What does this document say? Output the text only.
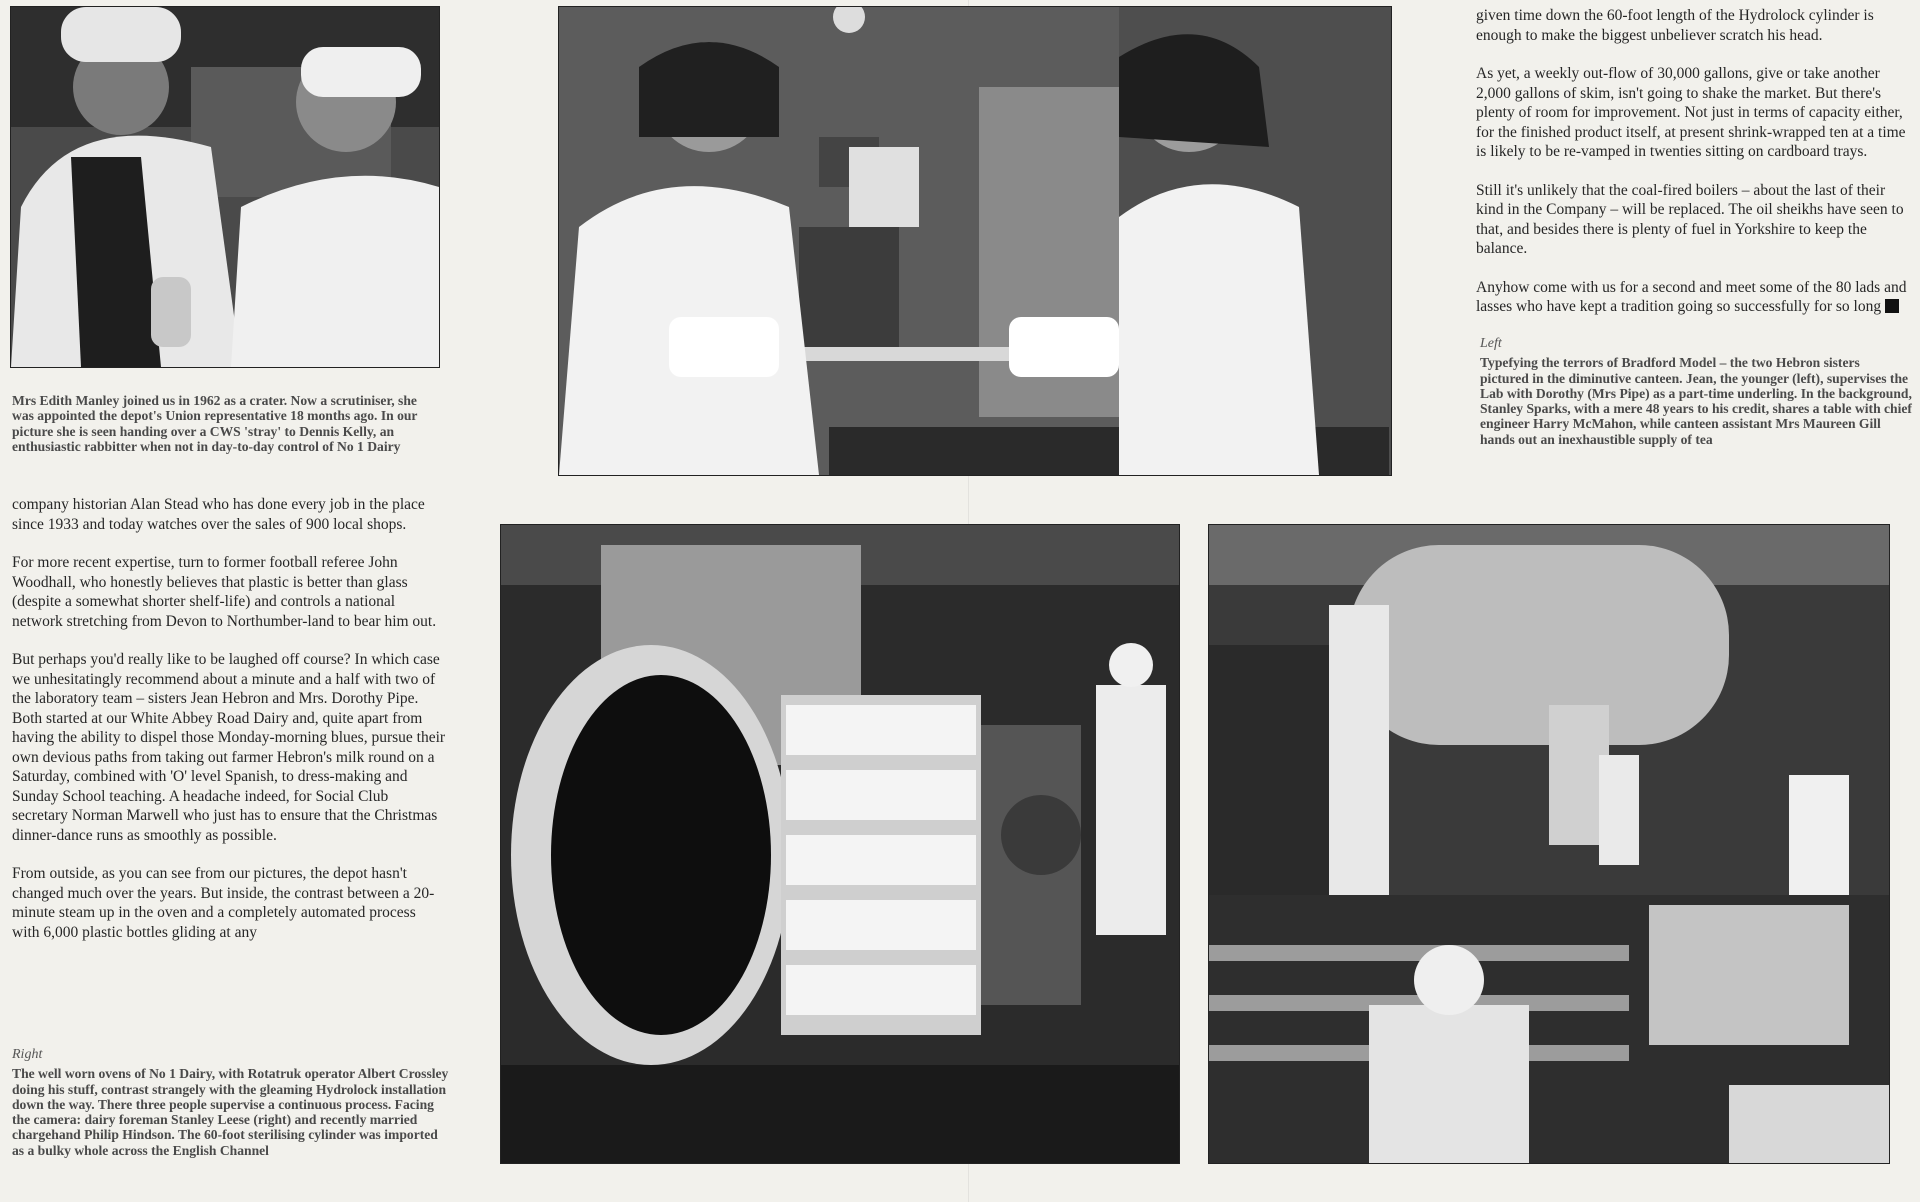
Mrs Edith Manley joined us in 1962 as a crater. Now a scrutiniser, she was appointed the depot's Union representative 18 months ago. In our picture she is seen handing over a CWS 'stray' to Dennis Kelly, an enthusiastic rabbitter when not in day-to-day control of No 1 Dairy

company historian Alan Stead who has done every job in the place since 1933 and today watches over the sales of 900 local shops.

For more recent expertise, turn to former football referee John Woodhall, who honestly believes that plastic is better than glass (despite a somewhat shorter shelf-life) and controls a national network stretching from Devon to Northumber-land to bear him out.

But perhaps you'd really like to be laughed off course? In which case we unhesitatingly recommend about a minute and a half with two of the laboratory team – sisters Jean Hebron and Mrs. Dorothy Pipe. Both started at our White Abbey Road Dairy and, quite apart from having the ability to dispel those Monday-morning blues, pursue their own devious paths from taking out farmer Hebron's milk round on a Saturday, combined with 'O' level Spanish, to dress-making and Sunday School teaching. A headache indeed, for Social Club secretary Norman Marwell who just has to ensure that the Christmas dinner-dance runs as smoothly as possible.

From outside, as you can see from our pictures, the depot hasn't changed much over the years. But inside, the contrast between a 20-minute steam up in the oven and a completely automated process with 6,000 plastic bottles gliding at any

Right
The well worn ovens of No 1 Dairy, with Rotatruk operator Albert Crossley doing his stuff, contrast strangely with the gleaming Hydrolock installation down the way. There three people supervise a continuous process. Facing the camera: dairy foreman Stanley Leese (right) and recently married chargehand Philip Hindson. The 60-foot sterilising cylinder was imported as a bulky whole across the English Channel

given time down the 60-foot length of the Hydrolock cylinder is enough to make the biggest unbeliever scratch his head.

As yet, a weekly out-flow of 30,000 gallons, give or take another 2,000 gallons of skim, isn't going to shake the market. But there's plenty of room for improvement. Not just in terms of capacity either, for the finished product itself, at present shrink-wrapped ten at a time is likely to be re-vamped in twenties sitting on cardboard trays.

Still it's unlikely that the coal-fired boilers – about the last of their kind in the Company – will be replaced. The oil sheikhs have seen to that, and besides there is plenty of fuel in Yorkshire to keep the balance.

Anyhow come with us for a second and meet some of the 80 lads and lasses who have kept a tradition going so successfully for so long

Left
Typefying the terrors of Bradford Model – the two Hebron sisters pictured in the diminutive canteen. Jean, the younger (left), supervises the Lab with Dorothy (Mrs Pipe) as a part-time underling. In the background, Stanley Sparks, with a mere 48 years to his credit, shares a table with chief engineer Harry McMahon, while canteen assistant Mrs Maureen Gill hands out an inexhaustible supply of tea
